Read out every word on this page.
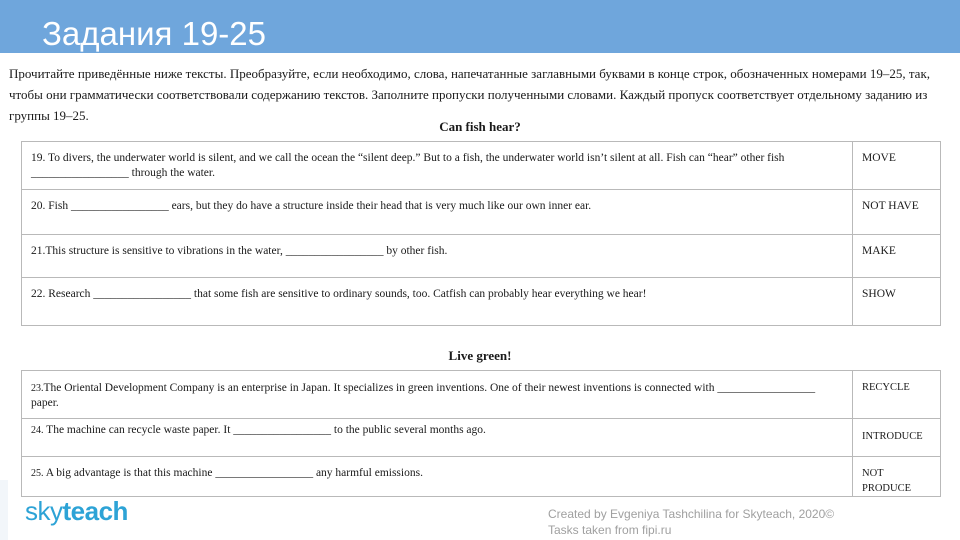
Задания 19-25
Прочитайте приведённые ниже тексты. Преобразуйте, если необходимо, слова, напечатанные заглавными буквами в конце строк, обозначенных номерами 19–25, так, чтобы они грамматически соответствовали содержанию текстов. Заполните пропуски полученными словами. Каждый пропуск соответствует отдельному заданию из группы 19–25.
Can fish hear?
19. To divers, the underwater world is silent, and we call the ocean the “silent deep.” But to a fish, the underwater world isn’t silent at all. Fish can “hear” other fish _________________ through the water.	MOVE
20. Fish _________________ ears, but they do have a structure inside their head that is very much like our own inner ear.	NOT HAVE
21.This structure is sensitive to vibrations in the water, _________________ by other fish.	MAKE
22. Research _________________ that some fish are sensitive to ordinary sounds, too. Catfish can probably hear everything we hear!	SHOW
Live green!
23.The Oriental Development Company is an enterprise in Japan. It specializes in green inventions. One of their newest inventions is connected with _________________ paper.	RECYCLE
24. The machine can recycle waste paper. It _________________ to the public several months ago.	INTRODUCE
25. A big advantage is that this machine _________________ any harmful emissions.	NOT PRODUCE
skyteach	Created by Evgeniya Tashchilina for Skyteach, 2020©
Tasks taken from fipi.ru
